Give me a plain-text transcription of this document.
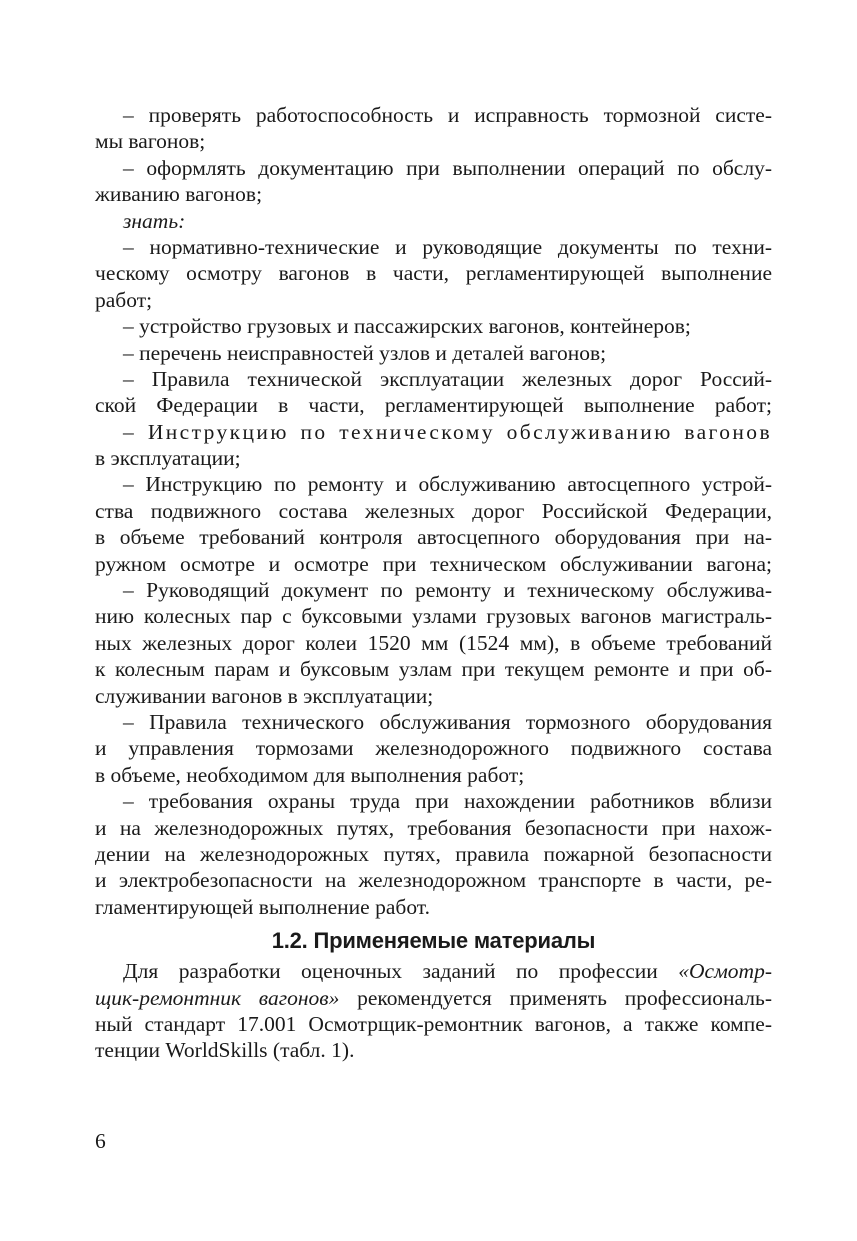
– проверять работоспособность и исправность тормозной систе-
мы вагонов;
– оформлять документацию при выполнении операций по обслу-
живанию вагонов;
знать:
– нормативно-технические и руководящие документы по техни-
ческому осмотру вагонов в части, регламентирующей выполнение
работ;
– устройство грузовых и пассажирских вагонов, контейнеров;
– перечень неисправностей узлов и деталей вагонов;
– Правила технической эксплуатации железных дорог Россий-
ской Федерации в части, регламентирующей выполнение работ;
– Инструкцию по техническому обслуживанию вагонов
в эксплуатации;
– Инструкцию по ремонту и обслуживанию автосцепного устрой-
ства подвижного состава железных дорог Российской Федерации,
в объеме требований контроля автосцепного оборудования при на-
ружном осмотре и осмотре при техническом обслуживании вагона;
– Руководящий документ по ремонту и техническому обслужива-
нию колесных пар с буксовыми узлами грузовых вагонов магистраль-
ных железных дорог колеи 1520 мм (1524 мм), в объеме требований
к колесным парам и буксовым узлам при текущем ремонте и при об-
служивании вагонов в эксплуатации;
– Правила технического обслуживания тормозного оборудования
и управления тормозами железнодорожного подвижного состава
в объеме, необходимом для выполнения работ;
– требования охраны труда при нахождении работников вблизи
и на железнодорожных путях, требования безопасности при нахож-
дении на железнодорожных путях, правила пожарной безопасности
и электробезопасности на железнодорожном транспорте в части, ре-
гламентирующей выполнение работ.
1.2. Применяемые материалы
Для разработки оценочных заданий по профессии «Осмотр-
щик-ремонтник вагонов» рекомендуется применять профессиональ-
ный стандарт 17.001 Осмотрщик-ремонтник вагонов, а также компе-
тенции WorldSkills (табл. 1).
6
